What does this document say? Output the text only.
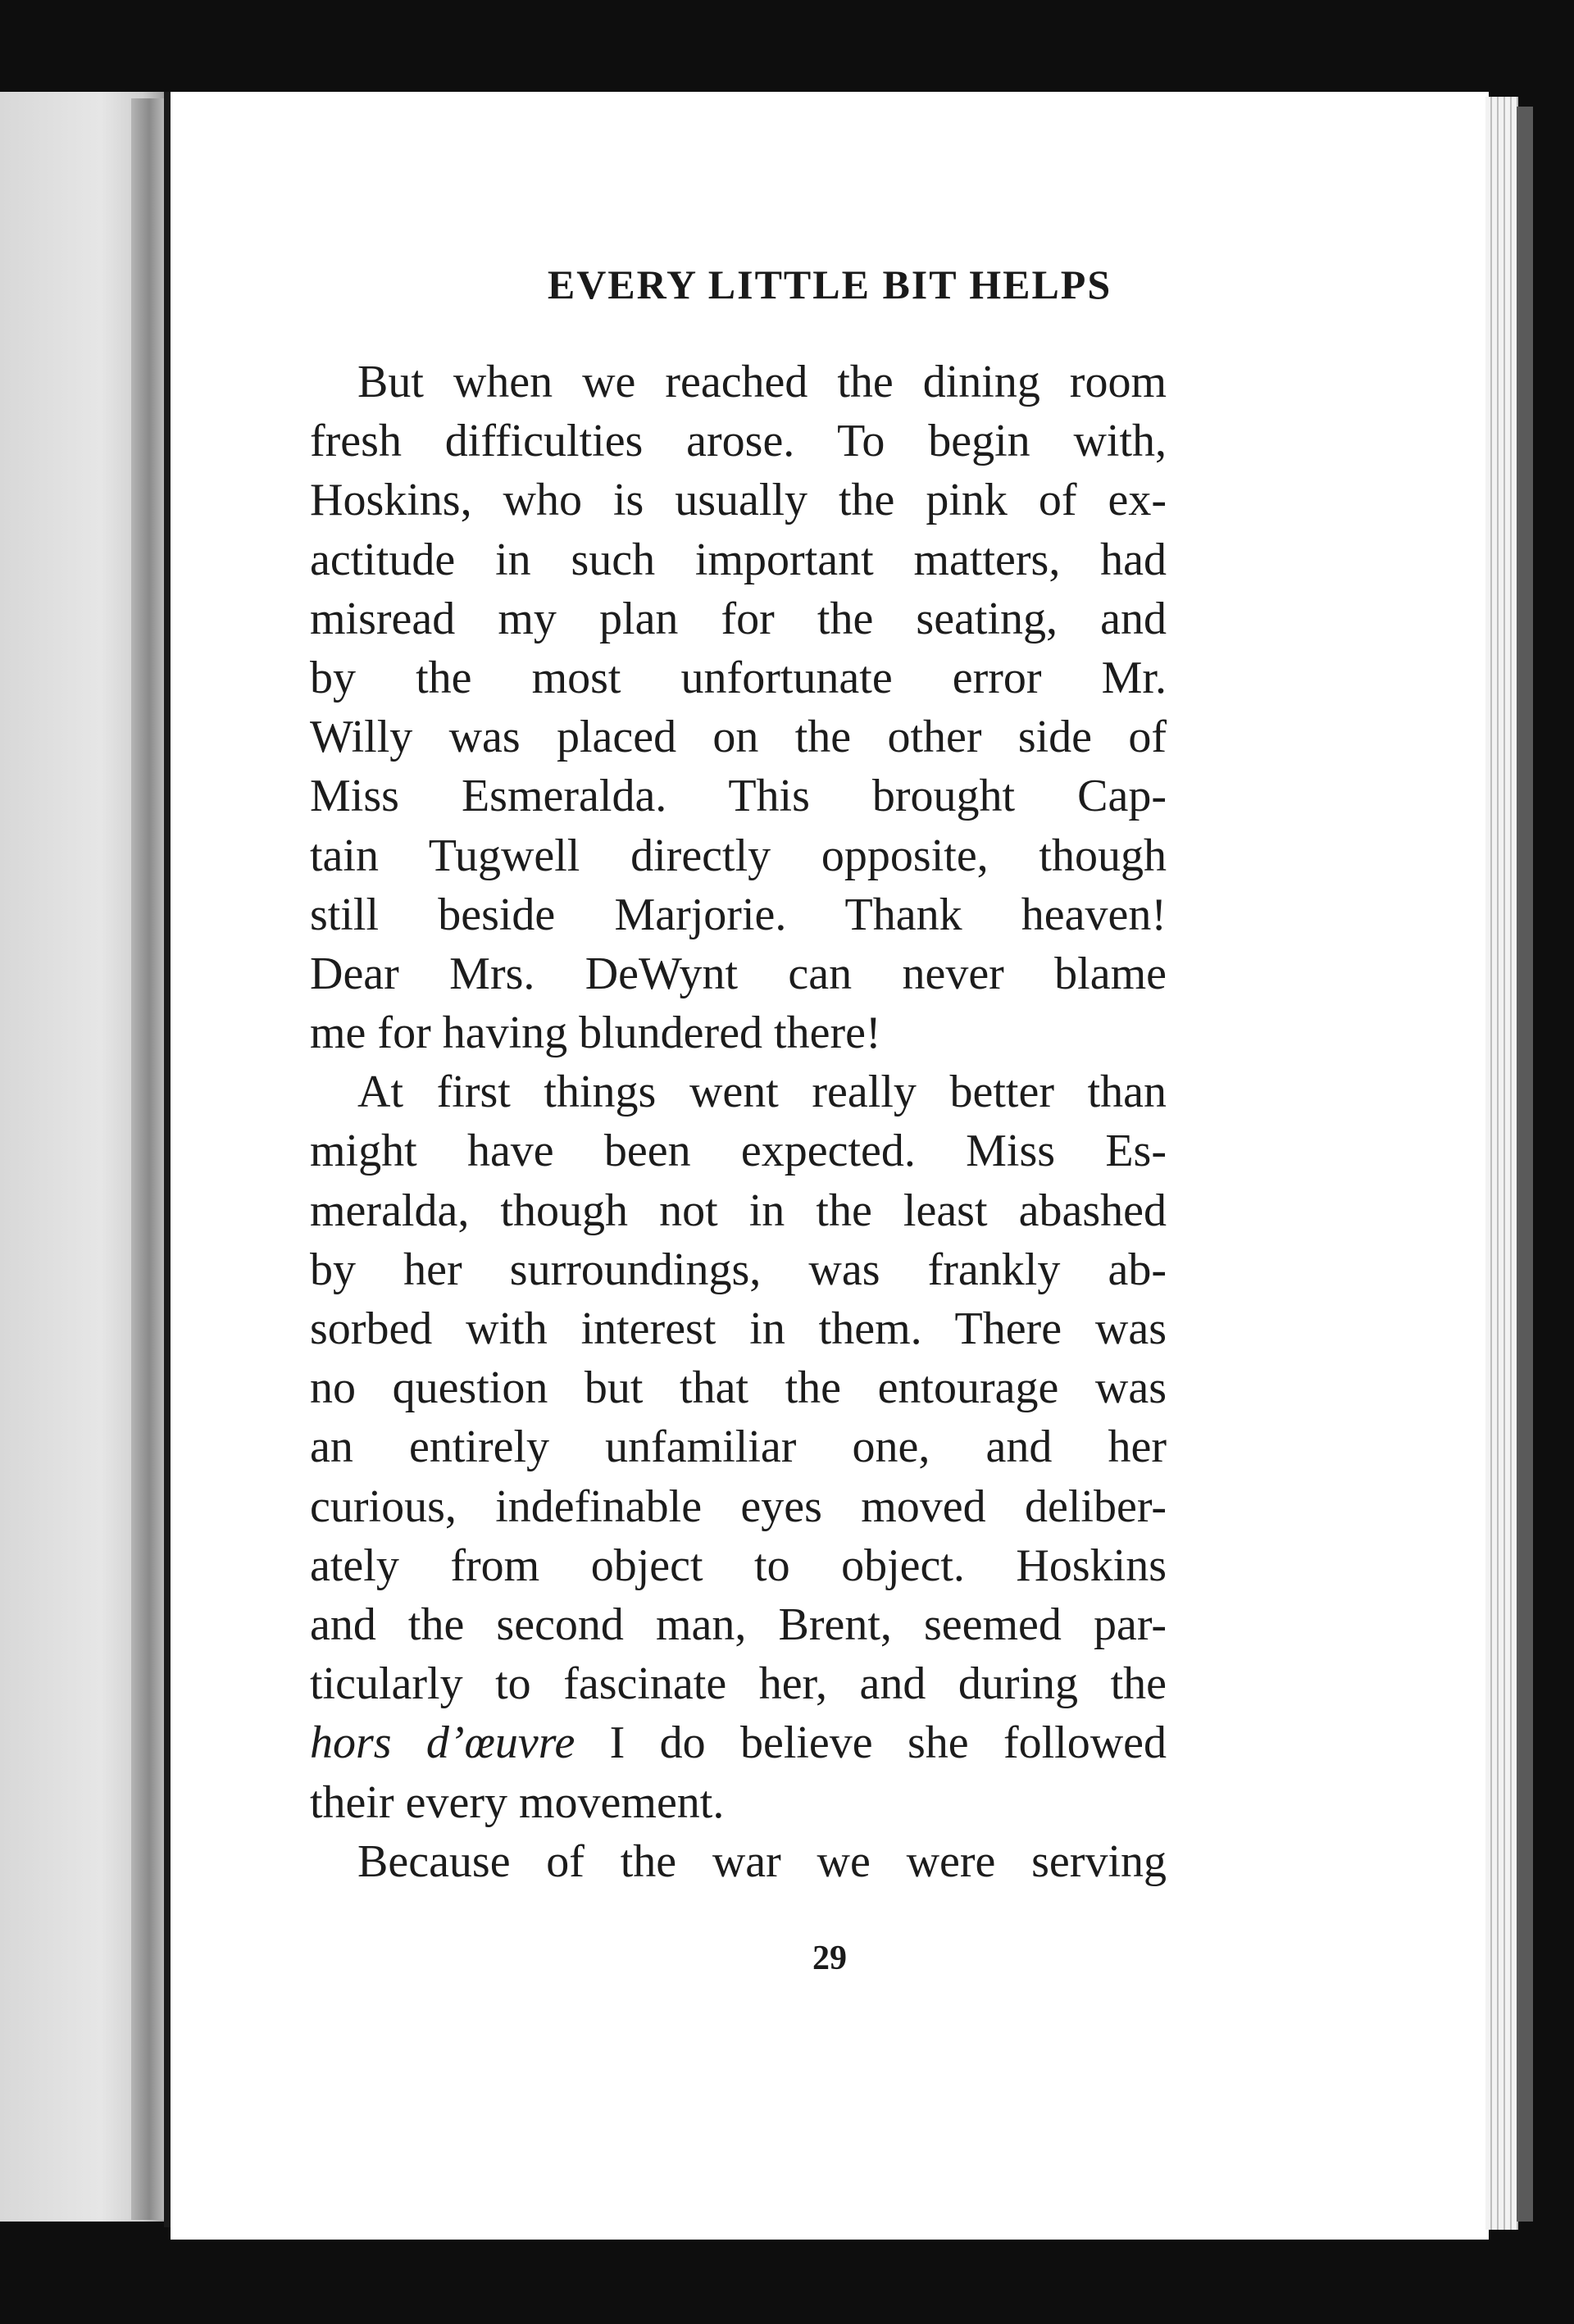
EVERY LITTLE BIT HELPS
But when we reached the dining room
fresh difficulties arose. To begin with,
Hoskins, who is usually the pink of ex-
actitude in such important matters, had
misread my plan for the seating, and
by the most unfortunate error Mr.
Willy was placed on the other side of
Miss Esmeralda. This brought Cap-
tain Tugwell directly opposite, though
still beside Marjorie. Thank heaven!
Dear Mrs. DeWynt can never blame
me for having blundered there!
At first things went really better than
might have been expected. Miss Es-
meralda, though not in the least abashed
by her surroundings, was frankly ab-
sorbed with interest in them. There was
no question but that the entourage was
an entirely unfamiliar one, and her
curious, indefinable eyes moved deliber-
ately from object to object. Hoskins
and the second man, Brent, seemed par-
ticularly to fascinate her, and during the
hors d’œuvre I do believe she followed
their every movement.
Because of the war we were serving
29
